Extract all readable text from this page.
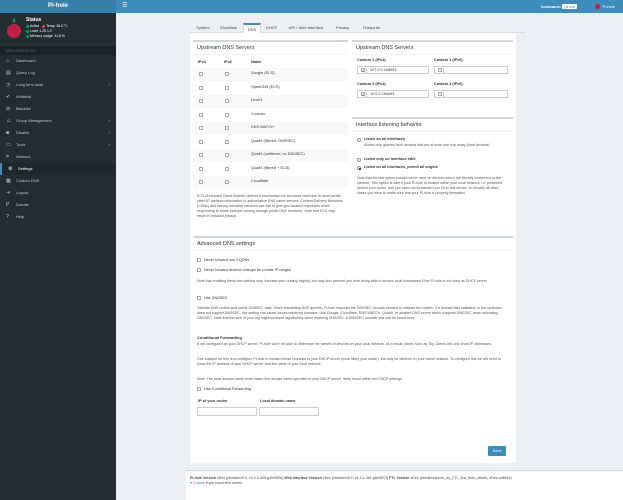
Pi-hole	☰	hostname: pihole	Pi-hole
Status
Active Temp: 35.0 °C
Load: 1.25 1.0
Memory usage: 31.8 %
MAIN NAVIGATION
⌂	Dashboard
▤ Query Log
◷ Long term data	‹
✔ Whitelist
⊘ Blacklist
☺ Group Management	‹
■	Disable	‹
▭ Tools	‹
⌗	Network
⚙ Settings
▦ Custom DNS
⇥ Logout
P	Donate
?	Help
System	Blocklists	DNS	DHCP	API / Web interface	Privacy	Teleporter
Upstream DNS Servers
IPv4	IPv6	Name
Google (ECS)
OpenDNS (ECS)
Level3
Comodo
DNS.WATCH
Quad9 (filtered, DNSSEC)
Quad9 (unfiltered, no DNSSEC)
Quad9 (filtered + ECS)
Cloudflare
ECS (Extended Client Subnet) defines a mechanism for recursive resolvers to send partial client IP address information to authoritative DNS name servers. Content Delivery Networks (CDNs) and latency-sensitive services use this to give geo-located responses when responding to name lookups coming through public DNS resolvers. Note that ECS may result in reduced privacy.
Upstream DNS Servers
Custom 1 (IPv4)
✓
127.0.0.1#5053
Custom 3 (IPv6)
Custom 2 (IPv4)
✓
10.0.0.254#53
Custom 4 (IPv6)
Interface listening behavior
Listen on all interfaces
Allows only queries from devices that are at most one hop away (local devices)
Listen only on interface eth0
Listen on all interfaces, permit all origins
Note that the last option should not be used on devices which are directly connected to the Internet. This option is safe if your Pi-hole is located within your local network, i.e. protected behind your router, and you have not forwarded port 53 to this device. In virtually all other cases you have to make sure that your Pi-hole is properly firewalled.
Advanced DNS settings
Never forward non-FQDNs
Never forward reverse lookups for private IP ranges
Note that enabling these two options may increase your privacy slightly, but may also prevent you from being able to access local hostnames if the Pi-hole is not used as DHCP server
Use DNSSEC
Validate DNS replies and cache DNSSEC data. When forwarding DNS queries, Pi-hole requests the DNSSEC records needed to validate the replies. If a domain fails validation or the upstream does not support DNSSEC, this setting can cause issues resolving domains. Use Google, Cloudflare, DNS.WATCH, Quad9, or another DNS server which supports DNSSEC when activating DNSSEC. Note that the size of your log might increase significantly when enabling DNSSEC. A DNSSEC resolver test can be found here.
Conditional Forwarding
If not configured as your DHCP server, Pi-hole won't be able to determine the names of devices on your local network. As a result, tables such as Top Clients will only show IP addresses.
One solution for this is to configure Pi-hole to forward these requests to your DHCP server (most likely your router), but only for devices on your home network. To configure this we will need to know the IP address of your DHCP server and the name of your local network.
Note: The local domain name must match the domain name specified in your DHCP server, likely found within the DHCP settings.
Use Conditional Forwarding
IP of your router	Local domain name
Save
Pi-hole Version vDev (release/v5.0, v4.3.5-406-g3b93f2a) Web Interface Version vDev (release/v5.0, v4.3.2-461-g8e5f27f) FTL Version vDev (tweak/resolver_try_FTL_first_then_others, vDev-cdfdf15)
♥ Donate if you found this useful.
